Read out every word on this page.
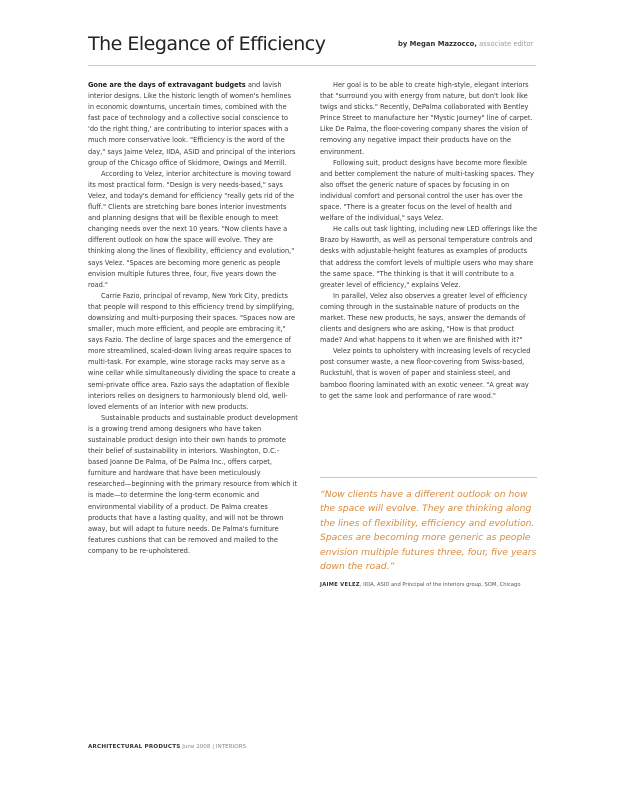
The Elegance of Efficiency	by Megan Mazzocco, associate editor

Gone are the days of extravagant budgets and lavish interior designs. Like the historic length of women's hemlines in economic downturns, uncertain times, combined with the fast pace of technology and a collective social conscience to 'do the right thing,' are contributing to interior spaces with a much more conservative look. "Efficiency is the word of the day," says Jaime Velez, IIDA, ASID and principal of the interiors group of the Chicago office of Skidmore, Owings and Merrill.

According to Velez, interior architecture is moving toward its most practical form. "Design is very needs-based," says Velez, and today's demand for efficiency "really gets rid of the fluff." Clients are stretching bare bones interior investments and planning designs that will be flexible enough to meet changing needs over the next 10 years. "Now clients have a different outlook on how the space will evolve. They are thinking along the lines of flexibility, efficiency and evolution," says Velez. "Spaces are becoming more generic as people envision multiple futures three, four, five years down the road."

Carrie Fazio, principal of revamp, New York City, predicts that people will respond to this efficiency trend by simplifying, downsizing and multi-purposing their spaces. "Spaces now are smaller, much more efficient, and people are embracing it," says Fazio. The decline of large spaces and the emergence of more streamlined, scaled-down living areas require spaces to multi-task. For example, wine storage racks may serve as a wine cellar while simultaneously dividing the space to create a semi-private office area. Fazio says the adaptation of flexible interiors relies on designers to harmoniously blend old, well-loved elements of an interior with new products.

Sustainable products and sustainable product development is a growing trend among designers who have taken sustainable product design into their own hands to promote their belief of sustainability in interiors. Washington, D.C.-based Joanne De Palma, of De Palma Inc., offers carpet, furniture and hardware that have been meticulously researched—beginning with the primary resource from which it is made—to determine the long-term economic and environmental viability of a product. De Palma creates products that have a lasting quality, and will not be thrown away, but will adapt to future needs. De Palma's furniture features cushions that can be removed and mailed to the company to be re-upholstered.

Her goal is to be able to create high-style, elegant interiors that "surround you with energy from nature, but don't look like twigs and sticks." Recently, DePalma collaborated with Bentley Prince Street to manufacture her "Mystic Journey" line of carpet. Like De Palma, the floor-covering company shares the vision of removing any negative impact their products have on the environment.

Following suit, product designs have become more flexible and better complement the nature of multi-tasking spaces. They also offset the generic nature of spaces by focusing in on individual comfort and personal control the user has over the space. "There is a greater focus on the level of health and welfare of the individual," says Velez.

He calls out task lighting, including new LED offerings like the Brazo by Haworth, as well as personal temperature controls and desks with adjustable-height features as examples of products that address the comfort levels of multiple users who may share the same space. "The thinking is that it will contribute to a greater level of efficiency," explains Velez.

In parallel, Velez also observes a greater level of efficiency coming through in the sustainable nature of products on the market. These new products, he says, answer the demands of clients and designers who are asking, "How is that product made? And what happens to it when we are finished with it?"

Velez points to upholstery with increasing levels of recycled post consumer waste, a new floor-covering from Swiss-based, Ruckstuhl, that is woven of paper and stainless steel, and bamboo flooring laminated with an exotic veneer. "A great way to get the same look and performance of rare wood."

“Now clients have a different outlook on how the space will evolve. They are thinking along the lines of flexibility, efficiency and evolution. Spaces are becoming more generic as people envision multiple futures three, four, five years down the road.”

JAIME VELEZ, IIDA, ASID and Principal of the interiors group, SOM, Chicago

ARCHITECTURAL PRODUCTS June 2008 | INTERIORS
